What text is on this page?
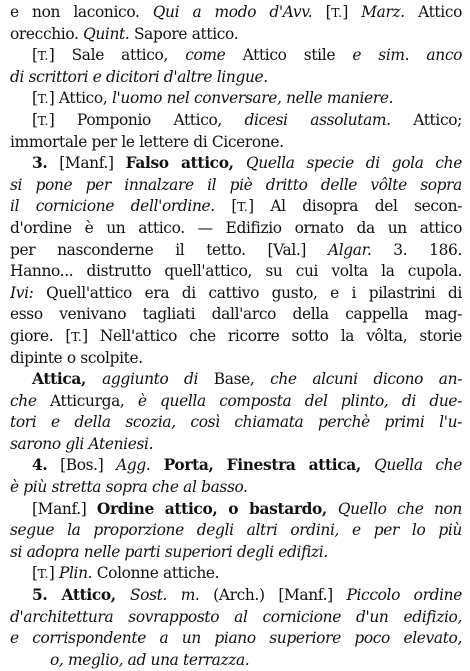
e non laconico. Qui a modo d'Avv. [T.] Marz. Attico
orecchio. Quint. Sapore attico.
[T.] Sale attico, come Attico stile e sim. anco
di scrittori e dicitori d'altre lingue.
[T.] Attico, l'uomo nel conversare, nelle maniere.
[T.] Pomponio Attico, dicesi assolutam. Attico;
immortale per le lettere di Cicerone.
3. [Manf.] Falso attico, Quella specie di gola che
si pone per innalzare il piè dritto delle vôlte sopra
il cornicione dell'ordine. [T.] Al disopra del secon-
d'ordine è un attico. — Edifizio ornato da un attico
per nasconderne il tetto. [Val.] Algar. 3. 186.
Hanno... distrutto quell'attico, su cui volta la cupola.
Ivi: Quell'attico era di cattivo gusto, e i pilastrini di
esso venivano tagliati dall'arco della cappella mag-
giore. [T.] Nell'attico che ricorre sotto la vôlta, storie
dipinte o scolpite.
Attica, aggiunto di Base, che alcuni dicono an-
che Atticurga, è quella composta del plinto, di due-
tori e della scozia, così chiamata perchè primi l'u-
sarono gli Ateniesi.
4. [Bos.] Agg. Porta, Finestra attica, Quella che
è più stretta sopra che al basso.
[Manf.] Ordine attico, o bastardo, Quello che non
segue la proporzione degli altri ordini, e per lo più
si adopra nelle parti superiori degli edifizi.
[T.] Plin. Colonne attiche.
5. Attico, Sost. m. (Arch.) [Manf.] Piccolo ordine
d'architettura sovrapposto al cornicione d'un edifizio,
e corrispondente a un piano superiore poco elevato,
o, meglio, ad una terrazza.
